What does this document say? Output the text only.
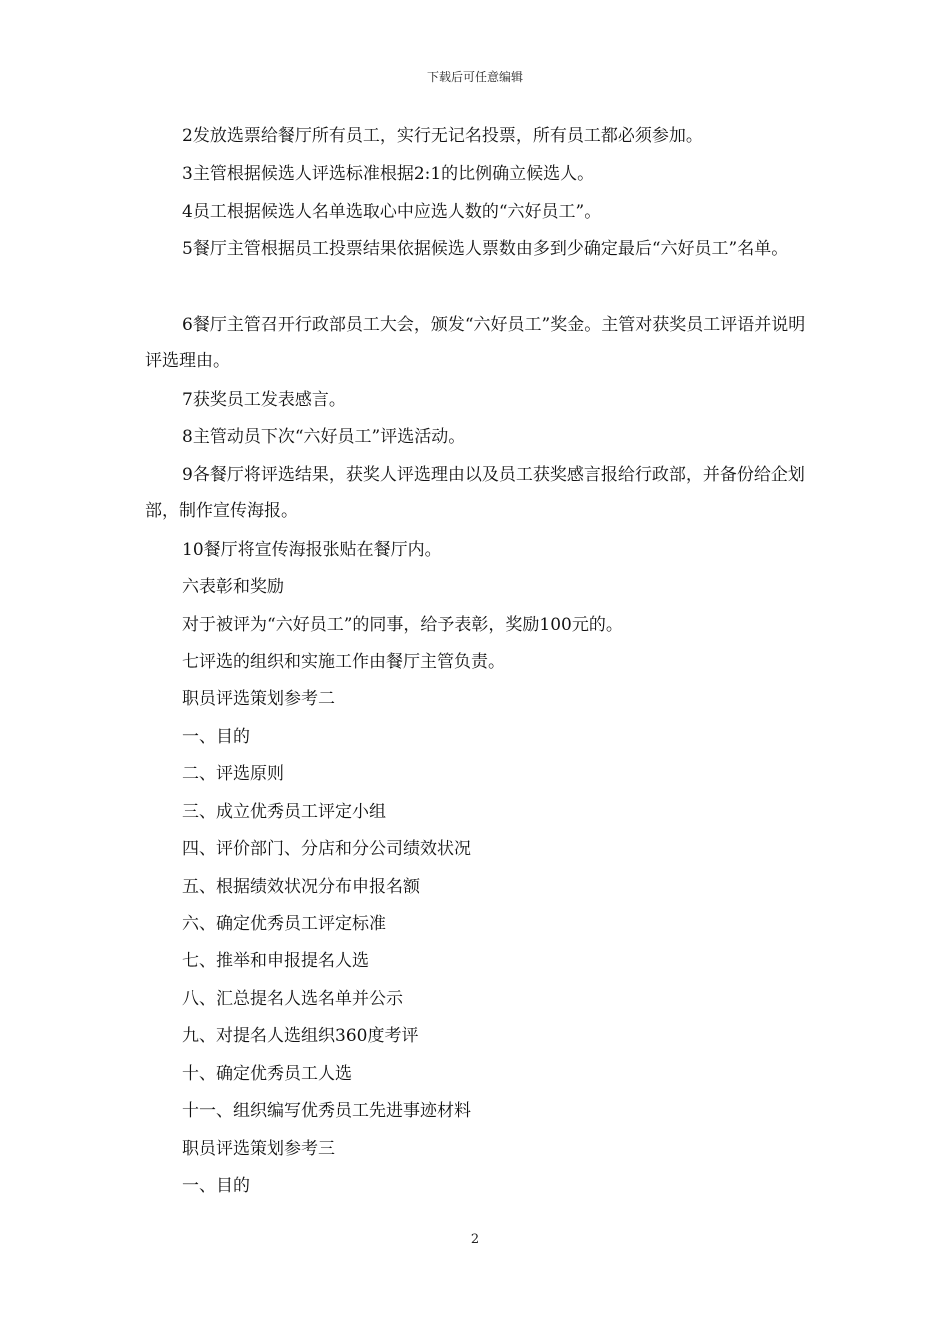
下载后可任意编辑
2发放选票给餐厅所有员工，实行无记名投票，所有员工都必须参加。
3主管根据候选人评选标准根据2:1的比例确立候选人。
4员工根据候选人名单选取心中应选人数的“六好员工”。
5餐厅主管根据员工投票结果依据候选人票数由多到少确定最后“六好员工”名单。
6餐厅主管召开行政部员工大会，颁发“六好员工”奖金。主管对获奖员工评语并说明评选理由。
7获奖员工发表感言。
8主管动员下次“六好员工”评选活动。
9各餐厅将评选结果，获奖人评选理由以及员工获奖感言报给行政部，并备份给企划部，制作宣传海报。
10餐厅将宣传海报张贴在餐厅内。
六表彰和奖励
对于被评为“六好员工”的同事，给予表彰，奖励100元的。
七评选的组织和实施工作由餐厅主管负责。
职员评选策划参考二
一、目的
二、评选原则
三、成立优秀员工评定小组
四、评价部门、分店和分公司绩效状况
五、根据绩效状况分布申报名额
六、确定优秀员工评定标准
七、推举和申报提名人选
八、汇总提名人选名单并公示
九、对提名人选组织360度考评
十、确定优秀员工人选
十一、组织编写优秀员工先进事迹材料
职员评选策划参考三
一、目的
2
